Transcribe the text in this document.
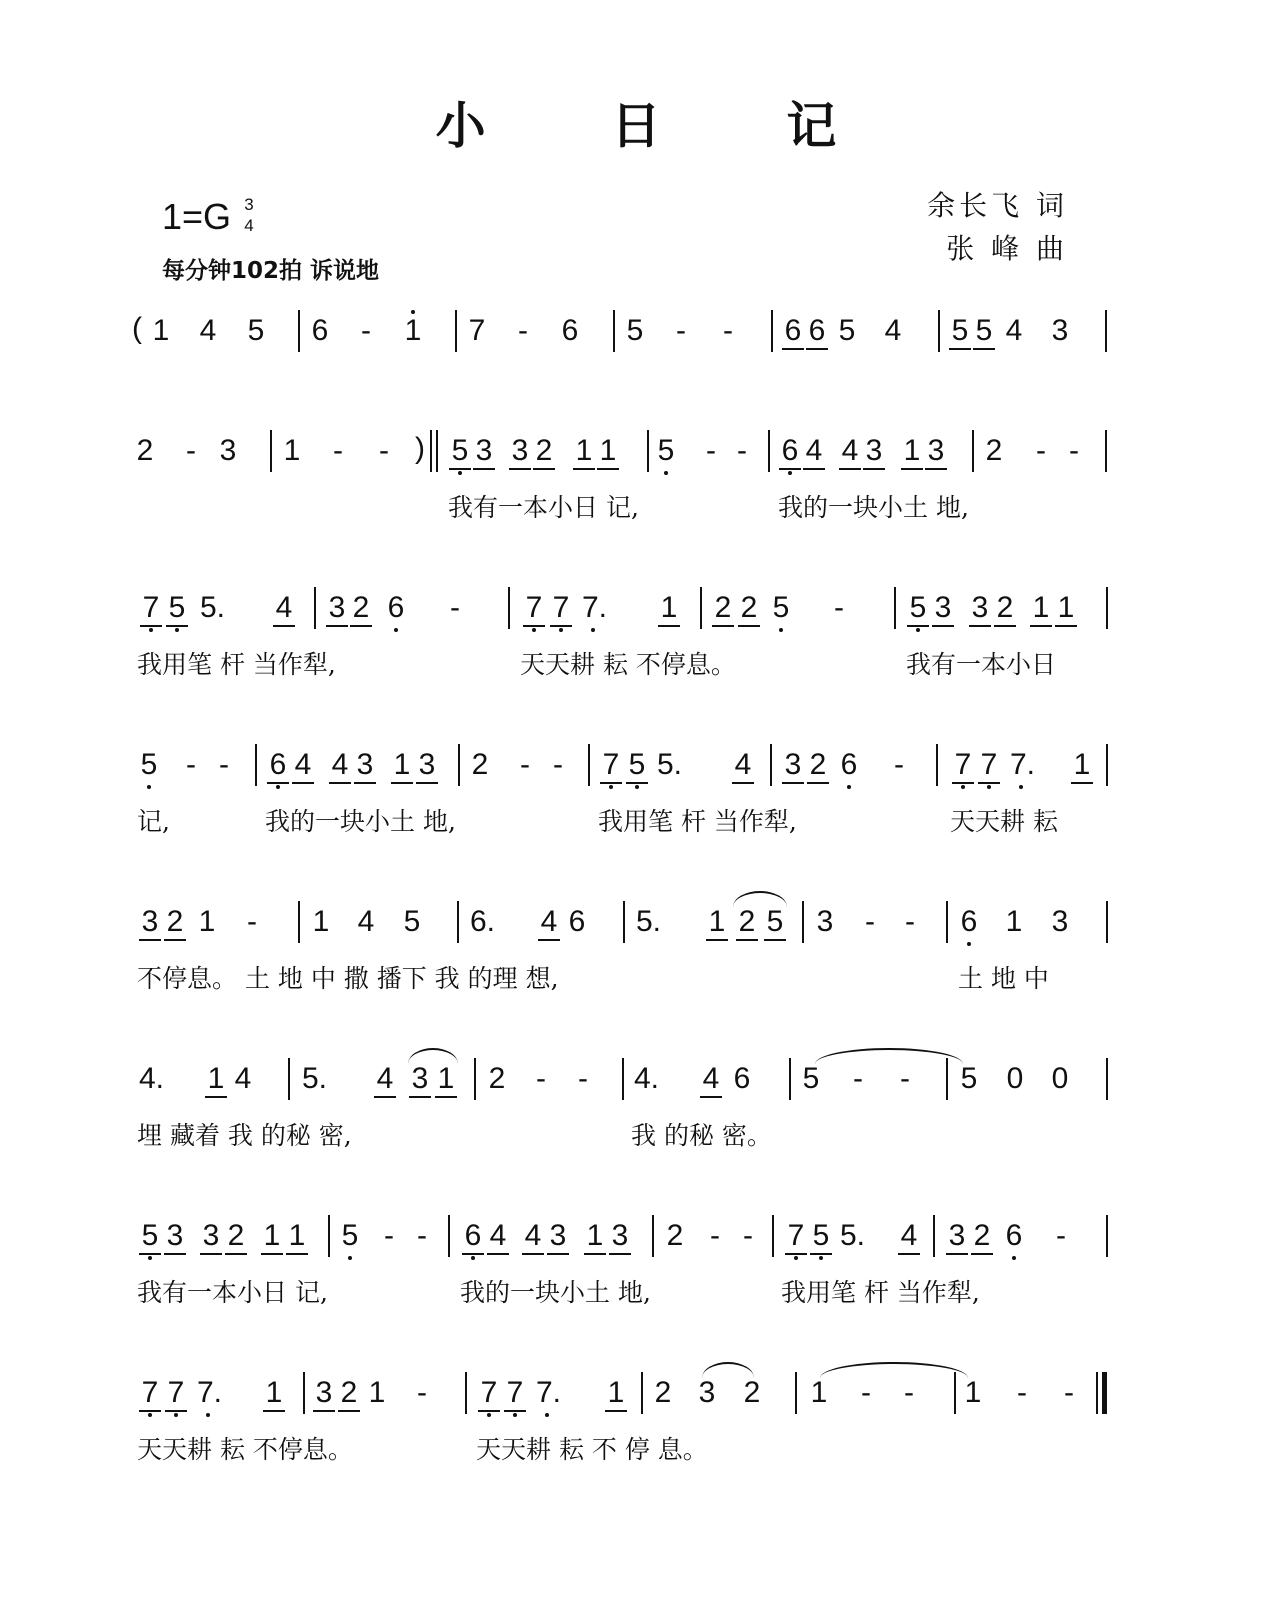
小 日 记
1=G 3
4
每分钟102拍 诉说地
余长飞 词
张 峰 曲
( 1 4 5 6 - 1 7 - 6 5 - - 6 6 5 4 5 5 4 3
2 - 3 1 - - ) 5 3 3 2 1 1 5 - - 6 4 4 3 1 3 2 - -
我有一本小日 记,	我的一块小土 地,
7 5 5. 4 3 2 6 - 7 7 7. 1 2 2 5 - 5 3 3 2 1 1
我用笔 杆 当作犁,	天天耕 耘 不停息。	我有一本小日
5 - - 6 4 4 3 1 3 2 - - 7 5 5. 4 3 2 6 - 7 7 7. 1
记,	我的一块小土 地,	我用笔 杆 当作犁,	天天耕 耘
3 2 1 - 1 4 5 6. 4 6 5. 1 2 5 3 - - 6 1 3
不停息。 土 地 中 撒 播下 我 的理 想,	土 地 中
4. 1 4 5. 4 3 1 2 - - 4. 4 6 5 - - 5 0 0
埋 藏着 我 的秘 密,	我 的秘 密。
5 3 3 2 1 1 5 - - 6 4 4 3 1 3 2 - - 7 5 5. 4 3 2 6 -
我有一本小日 记,	我的一块小土 地,	我用笔 杆 当作犁,
7 7 7. 1 3 2 1 - 7 7 7. 1 2 3 2 1 - - 1 - -
天天耕 耘 不停息。	天天耕 耘 不 停 息。
